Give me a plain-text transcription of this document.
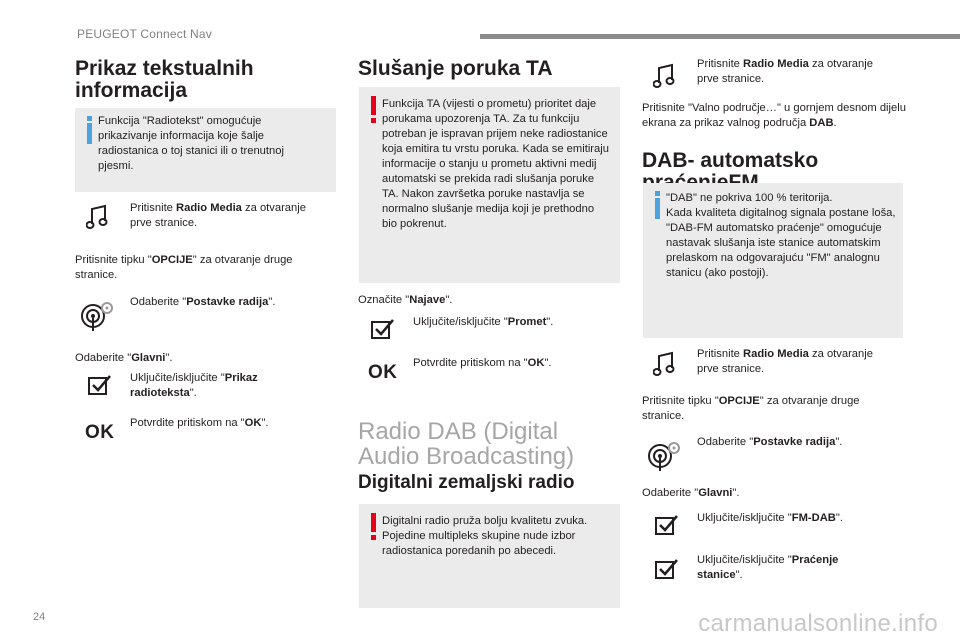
PEUGEOT Connect Nav
24	carmanualsonline.info
Prikaz tekstualnih informacija

Funkcija "Radiotekst" omogućuje prikazivanje informacija koje šalje radiostanica o toj stanici ili o trenutnoj pjesmi.

Pritisnite Radio Media za otvaranje prve stranice.
Pritisnite tipku "OPCIJE" za otvaranje druge stranice.
Odaberite "Postavke radija".
Odaberite "Glavni".
Uključite/isključite "Prikaz radioteksta".
OK Potvrdite pritiskom na "OK".
Slušanje poruka TA

Funkcija TA (vijesti o prometu) prioritet daje porukama upozorenja TA. Za tu funkciju potreban je ispravan prijem neke radiostanice koja emitira tu vrstu poruka. Kada se emitiraju informacije o stanju u prometu aktivni medij automatski se prekida radi slušanja poruke TA. Nakon završetka poruke nastavlja se normalno slušanje medija koji je prethodno bio pokrenut.

Označite "Najave".
Uključite/isključite "Promet".
OK Potvrdite pritiskom na "OK".
Radio DAB (Digital Audio Broadcasting)
Digitalni zemaljski radio

Digitalni radio pruža bolju kvalitetu zvuka. Pojedine multipleks skupine nude izbor radiostanica poredanih po abecedi.

Pritisnite Radio Media za otvaranje prve stranice.
Pritisnite "Valno područje…" u gornjem desnom dijelu ekrana za prikaz valnog područja DAB.
DAB- automatsko

"DAB" ne pokriva 100 % teritorija.
Kada kvaliteta digitalnog signala postane loša, "DAB-FM automatsko praćenje" omogućuje nastavak slušanja iste stanice automatskim prelaskom na odgovarajuću "FM" analognu stanicu (ako postoji).

Pritisnite Radio Media za otvaranje prve stranice.
Pritisnite tipku "OPCIJE" za otvaranje druge stranice.
Odaberite "Postavke radija".
Odaberite "Glavni".
Uključite/isključite "FM-DAB".
Uključite/isključite "Praćenje stanice".
